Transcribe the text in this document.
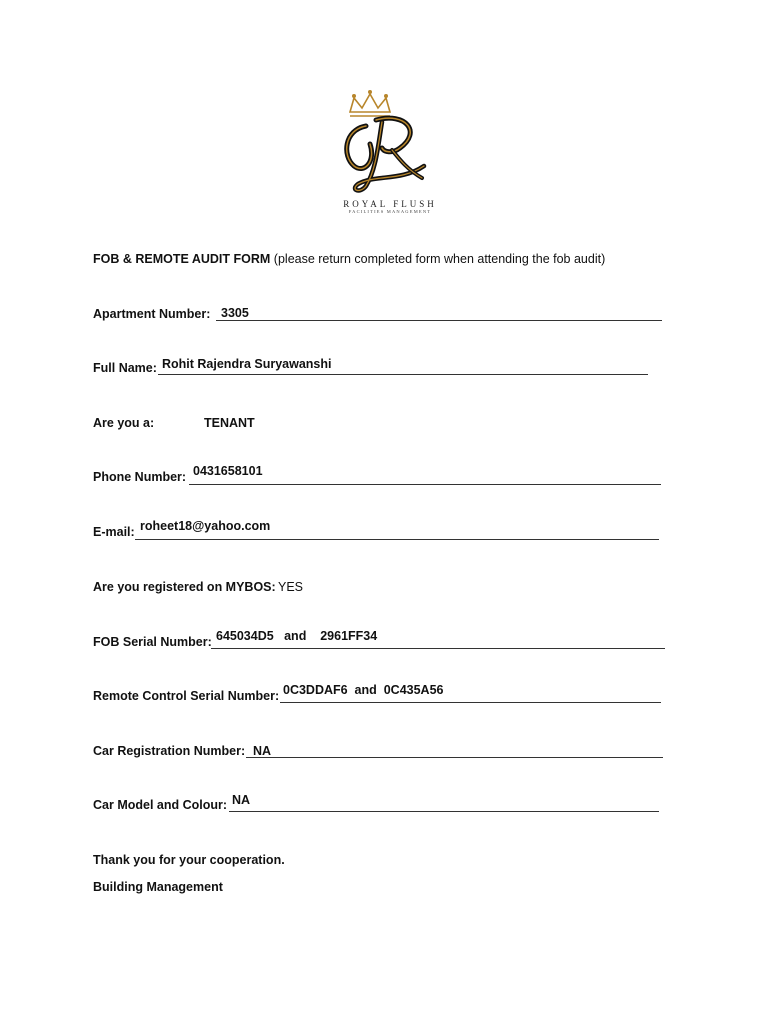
ROYAL FLUSH
FACILITIES MANAGEMENT
FOB & REMOTE AUDIT FORM (please return completed form when attending the fob audit)
Apartment Number: 3305
Full Name: Rohit Rajendra Suryawanshi
Are you a:	TENANT
Phone Number: 0431658101
E-mail: roheet18@yahoo.com
Are you registered on MYBOS: YES
FOB Serial Number: 645034D5   and    2961FF34
Remote Control Serial Number: 0C3DDAF6  and  0C435A56
Car Registration Number: NA
Car Model and Colour: NA
Thank you for your cooperation.
Building Management
